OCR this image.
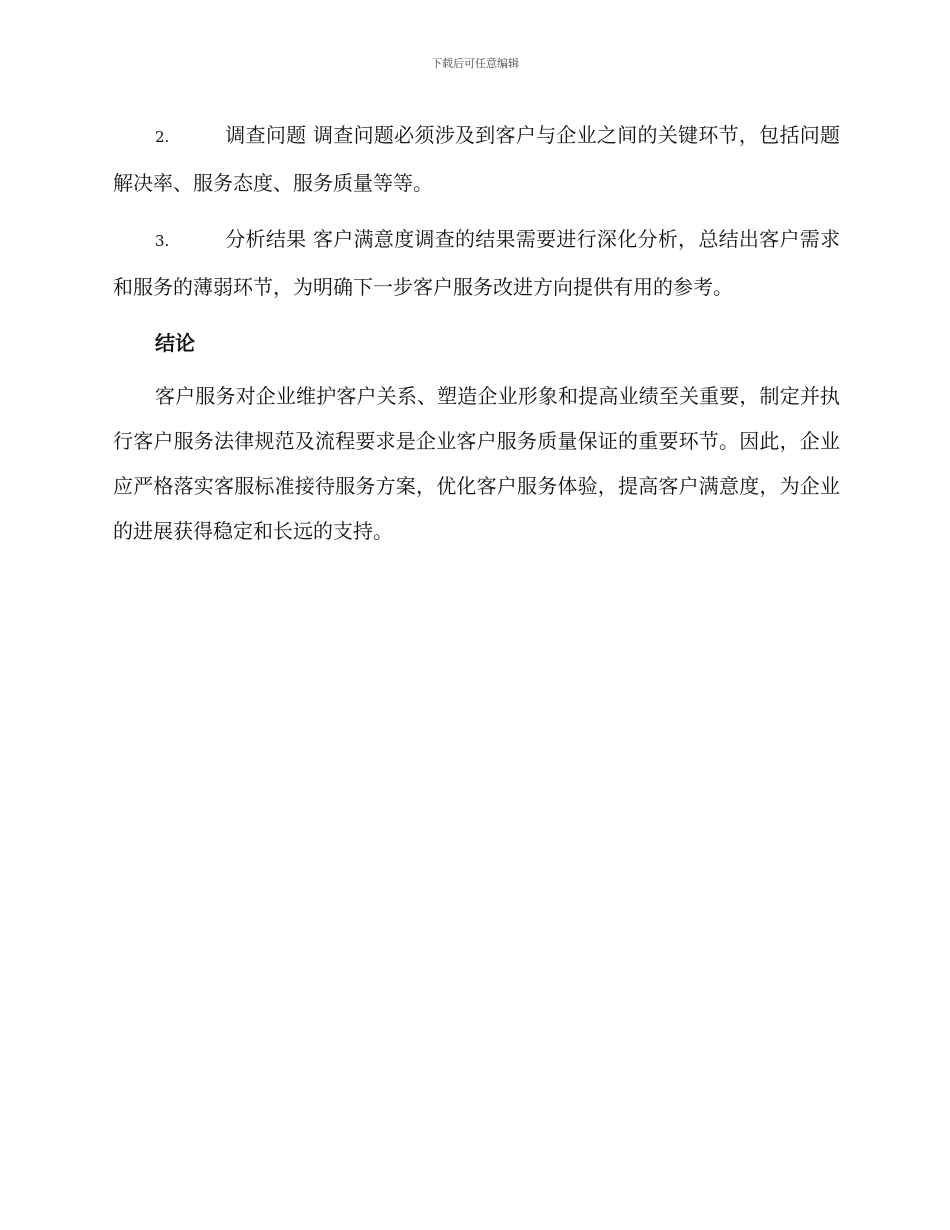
下载后可任意编辑

2.	调查问题 调查问题必须涉及到客户与企业之间的关键环节，包括问题解决率、服务态度、服务质量等等。

3.	分析结果 客户满意度调查的结果需要进行深化分析，总结出客户需求和服务的薄弱环节，为明确下一步客户服务改进方向提供有用的参考。

结论

客户服务对企业维护客户关系、塑造企业形象和提高业绩至关重要，制定并执行客户服务法律规范及流程要求是企业客户服务质量保证的重要环节。因此，企业应严格落实客服标准接待服务方案，优化客户服务体验，提高客户满意度，为企业的进展获得稳定和长远的支持。
